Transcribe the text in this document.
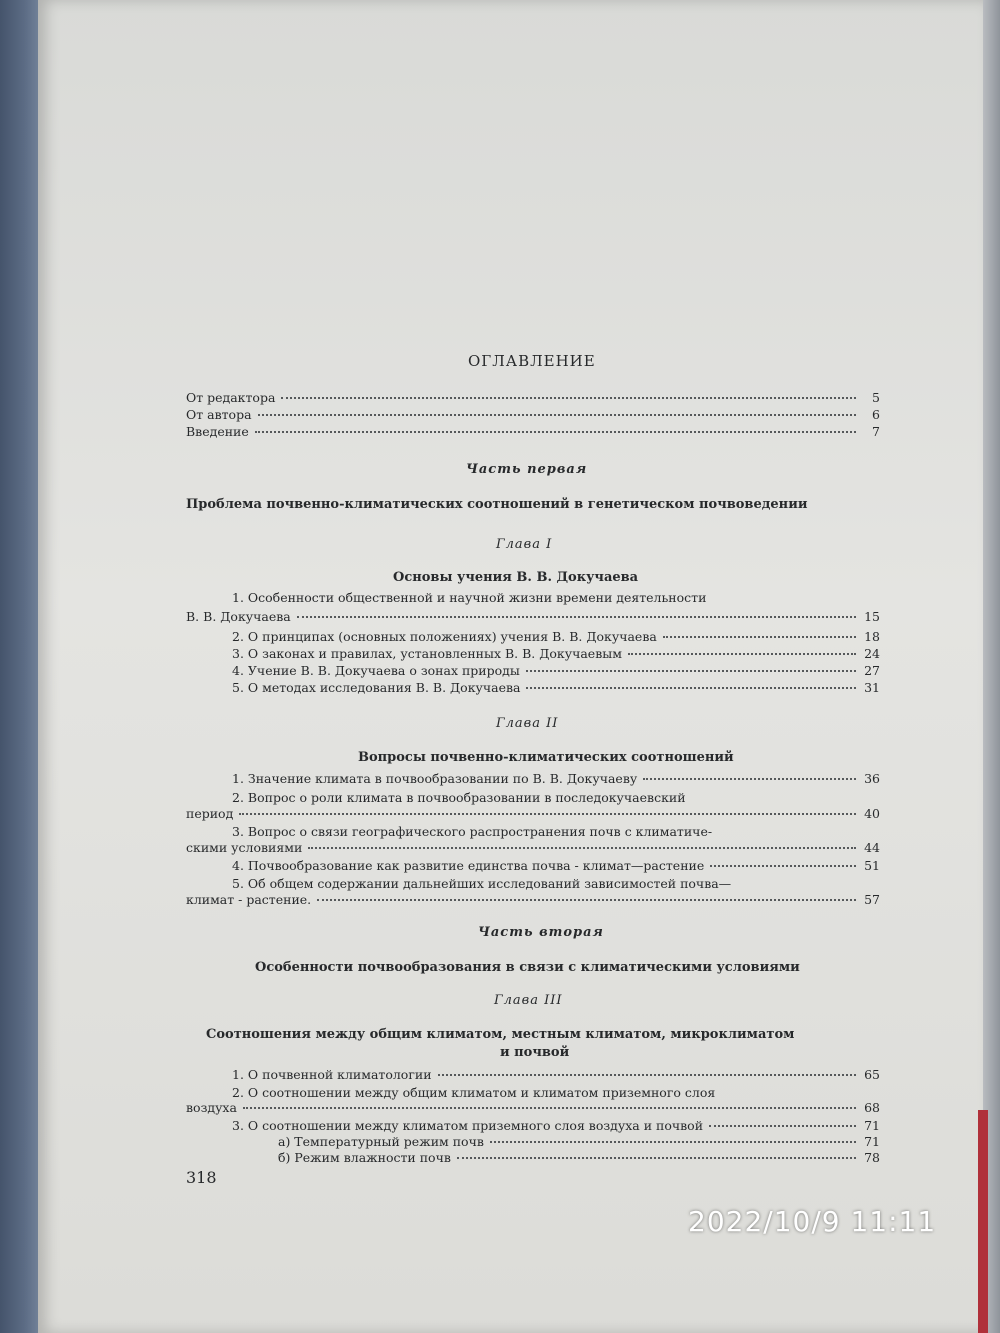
ОГЛАВЛЕНИЕ
От редактора	5
От автора	6
Введение	7
Часть первая
Проблема почвенно-климатических соотношений в генетическом почвоведении
Глава I
Основы учения В. В. Докучаева
1. Особенности общественной и научной жизни времени деятельности
В. В. Докучаева	15
2. О принципах (основных положениях) учения В. В. Докучаева	18
3. О законах и правилах, установленных В. В. Докучаевым	24
4. Учение В. В. Докучаева о зонах природы	27
5. О методах исследования В. В. Докучаева	31
Глава II
Вопросы почвенно-климатических соотношений
1. Значение климата в почвообразовании по В. В. Докучаеву	36
2. Вопрос о роли климата в почвообразовании в последокучаевский
период	40
3. Вопрос о связи географического распространения почв с климатиче-
скими условиями	44
4. Почвообразование как развитие единства почва - климат—растение	51
5. Об общем содержании дальнейших исследований зависимостей почва—
климат - растение.	57
Часть вторая
Особенности почвообразования в связи с климатическими условиями
Глава III
Соотношения между общим климатом, местным климатом, микроклиматом
и почвой
1. О почвенной климатологии	65
2. О соотношении между общим климатом и климатом приземного слоя
воздуха	68
3. О соотношении между климатом приземного слоя воздуха и почвой	71
а) Температурный режим почв	71
б) Режим влажности почв	78
318
2022/10/9 11:11
